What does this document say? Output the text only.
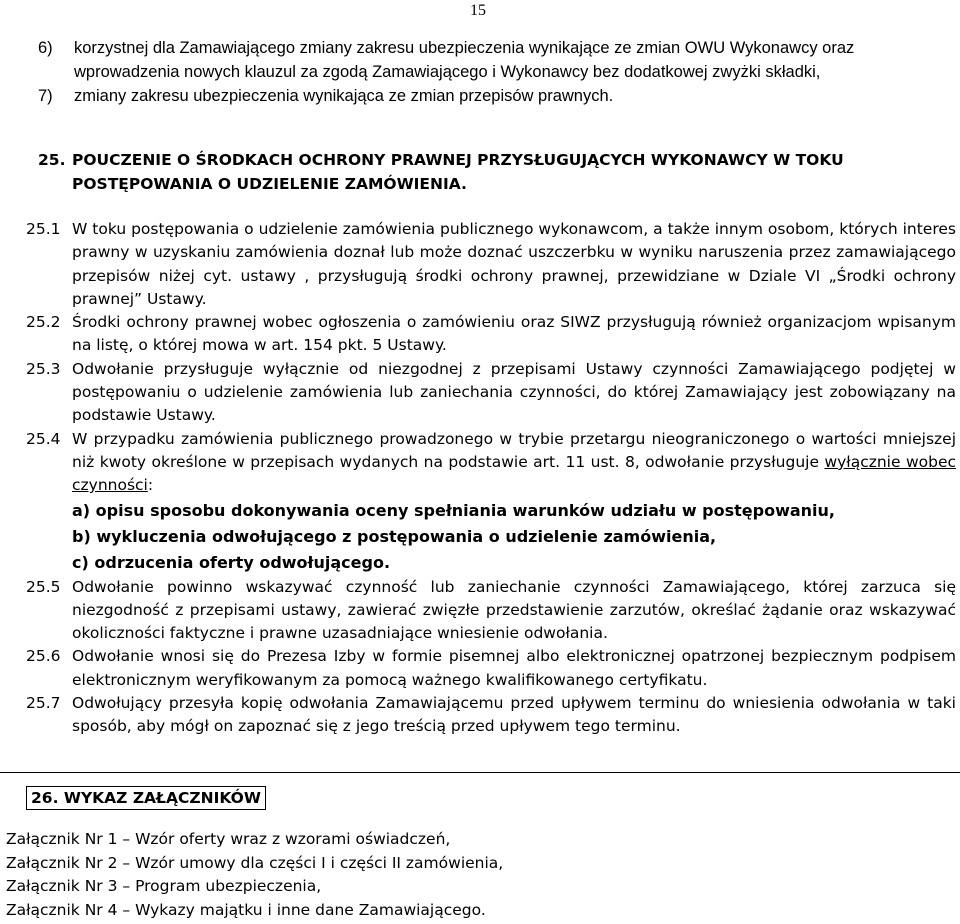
15
6)	korzystnej dla Zamawiającego zmiany zakresu ubezpieczenia wynikające ze zmian OWU Wykonawcy oraz wprowadzenia nowych klauzul za zgodą Zamawiającego i Wykonawcy bez dodatkowej zwyżki składki,
7)	zmiany zakresu ubezpieczenia wynikająca ze zmian przepisów prawnych.
25. POUCZENIE O ŚRODKACH OCHRONY PRAWNEJ PRZYSŁUGUJĄCYCH WYKONAWCY W TOKU POSTĘPOWANIA O UDZIELENIE ZAMÓWIENIA.
25.1 W toku postępowania o udzielenie zamówienia publicznego wykonawcom, a także innym osobom, których interes prawny w uzyskaniu zamówienia doznał lub może doznać uszczerbku w wyniku naruszenia przez zamawiającego przepisów niżej cyt. ustawy , przysługują środki ochrony prawnej, przewidziane w Dziale VI „Środki ochrony prawnej” Ustawy.
25.2 Środki ochrony prawnej wobec ogłoszenia o zamówieniu oraz SIWZ przysługują również organizacjom wpisanym na listę, o której mowa w art. 154 pkt. 5 Ustawy.
25.3 Odwołanie przysługuje wyłącznie od niezgodnej z przepisami Ustawy czynności Zamawiającego podjętej w postępowaniu o udzielenie zamówienia lub zaniechania czynności, do której Zamawiający jest zobowiązany na podstawie Ustawy.
25.4 W przypadku zamówienia publicznego prowadzonego w trybie przetargu nieograniczonego o wartości mniejszej niż kwoty określone w przepisach wydanych na podstawie art. 11 ust. 8, odwołanie przysługuje wyłącznie wobec czynności:
a) opisu sposobu dokonywania oceny spełniania warunków udziału w postępowaniu,
b) wykluczenia odwołującego z postępowania o udzielenie zamówienia,
c) odrzucenia oferty odwołującego.
25.5 Odwołanie powinno wskazywać czynność lub zaniechanie czynności Zamawiającego, której zarzuca się niezgodność z przepisami ustawy, zawierać zwięzłe przedstawienie zarzutów, określać żądanie oraz wskazywać okoliczności faktyczne i prawne uzasadniające wniesienie odwołania.
25.6 Odwołanie wnosi się do Prezesa Izby w formie pisemnej albo elektronicznej opatrzonej bezpiecznym podpisem elektronicznym weryfikowanym za pomocą ważnego kwalifikowanego certyfikatu.
25.7 Odwołujący przesyła kopię odwołania Zamawiającemu przed upływem terminu do wniesienia odwołania w taki sposób, aby mógł on zapoznać się z jego treścią przed upływem tego terminu.
26. WYKAZ ZAŁĄCZNIKÓW
Załącznik Nr 1 – Wzór oferty wraz z wzorami oświadczeń,
Załącznik Nr 2 – Wzór umowy dla części I i części II zamówienia,
Załącznik Nr 3 – Program ubezpieczenia,
Załącznik Nr 4 – Wykazy majątku i inne dane Zamawiającego.
